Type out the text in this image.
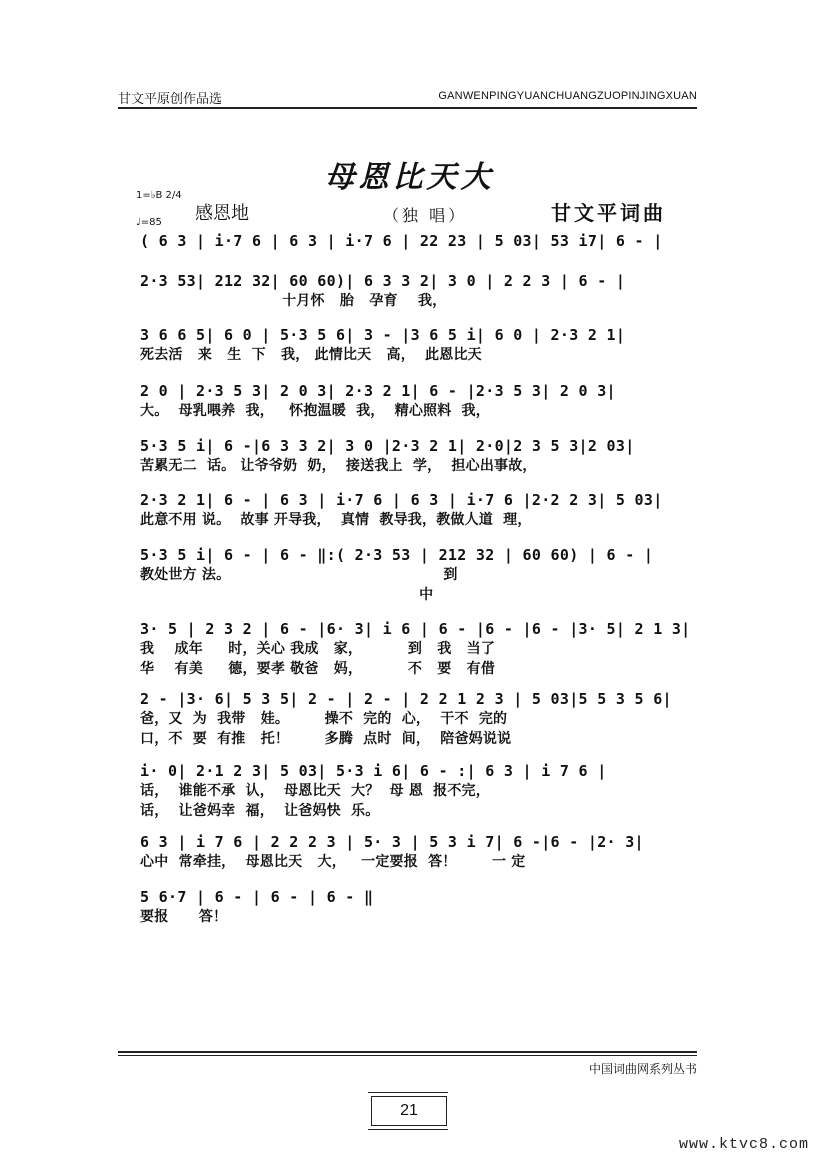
甘文平原创作品选	GANWENPINGYUANCHUANGZUOPINJINGXUAN
母恩比天大
1=♭B 2/4
♩=85 感恩地	（独 唱）	甘文平词曲
( 6 3 | i·7 6 | 6 3 | i·7 6 | 22 23 | 5 03| 53 i7| 6 - |
2·3 53| 212 32| 60 60)| 6 3 3 2| 3 0 | 2 2 3 | 6 - |
十月怀   胎   孕育    我，
3 6 6 5| 6 0 | 5·3 5 6| 3 - |3 6 5 i| 6 0 | 2·3 2 1|
死去活   来   生  下   我， 此情比天   高，  此恩比天
2 0 | 2·3 5 3| 2 0 3| 2·3 2 1| 6 - |2·3 5 3| 2 0 3|
大。  母乳喂养  我，   怀抱温暖  我，  精心照料  我，
5·3 5 i| 6 -|6 3 3 2| 3 0 |2·3 2 1| 2·0|2 3 5 3|2 03|
苦累无二  话。 让爷爷奶  奶，  接送我上  学，  担心出事故，
2·3 2 1| 6 - | 6 3 | i·7 6 | 6 3 | i·7 6 |2·2 2 3| 5 03|
此意不用 说。  故事 开导我，  真情  教导我，教做人道  理，
5·3 5 i| 6 - | 6 - ‖:( 2·3 53 | 212 32 | 60 60) | 6 - |
教处世方 法。                                          到
中
3· 5 | 2 3 2 | 6 - |6· 3| i 6 | 6 - |6 - |6 - |3· 5| 2 1 3|
我    成年     时，关心 我成   家，         到   我   当了
华    有美     德，要孝 敬爸   妈，         不   要   有借
2 - |3· 6| 5 3 5| 2 - | 2 - | 2 2 1 2 3 | 5 03|5 5 3 5 6|
爸，又  为  我带   娃。       操不  完的  心，  干不  完的
口，不  要  有推   托！       多腾  点时  间，  陪爸妈说说
i· 0| 2·1 2 3| 5 03| 5·3 i 6| 6 - :| 6 3 | i 7 6 |
话，  谁能不承  认，  母恩比天  大？  母 恩  报不完，
话，  让爸妈幸  福，  让爸妈快  乐。
6 3 | i 7 6 | 2 2 2 3 | 5· 3 | 5 3 i 7| 6 -|6 - |2· 3|
心中  常牵挂，  母恩比天   大，   一定要报  答！       一 定
5 6·7 | 6 - | 6 - | 6 - ‖
要报      答！
中国词曲网系列丛书
21
www.ktvc8.com
